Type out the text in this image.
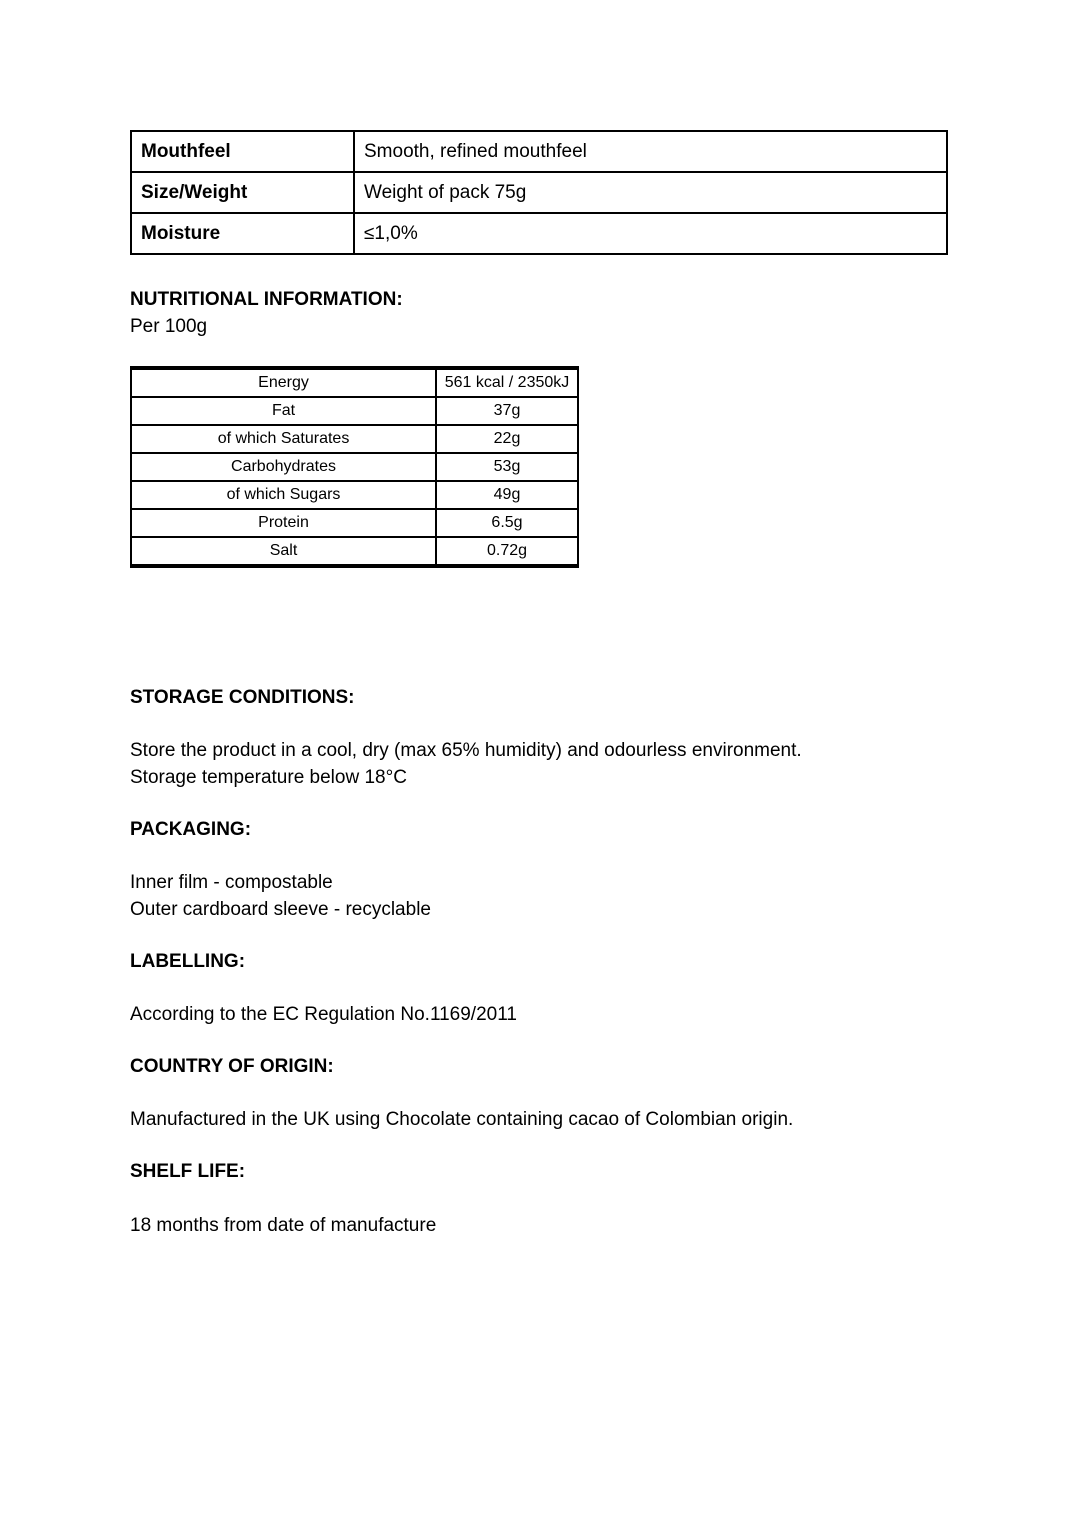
Mouthfeel	Smooth, refined mouthfeel
Size/Weight	Weight of pack 75g
Moisture	≤1,0%

NUTRITIONAL INFORMATION:

Per 100g

Energy	561 kcal / 2350kJ
Fat	37g
of which Saturates	22g
Carbohydrates	53g
of which Sugars	49g
Protein	6.5g
Salt	0.72g

STORAGE CONDITIONS:

Store the product in a cool, dry (max 65% humidity) and odourless environment.

Storage temperature below 18°C

PACKAGING:

Inner film - compostable

Outer cardboard sleeve - recyclable

LABELLING:

According to the EC Regulation No.1169/2011

COUNTRY OF ORIGIN:

Manufactured in the UK using Chocolate containing cacao of Colombian origin.

SHELF LIFE:

18 months from date of manufacture
